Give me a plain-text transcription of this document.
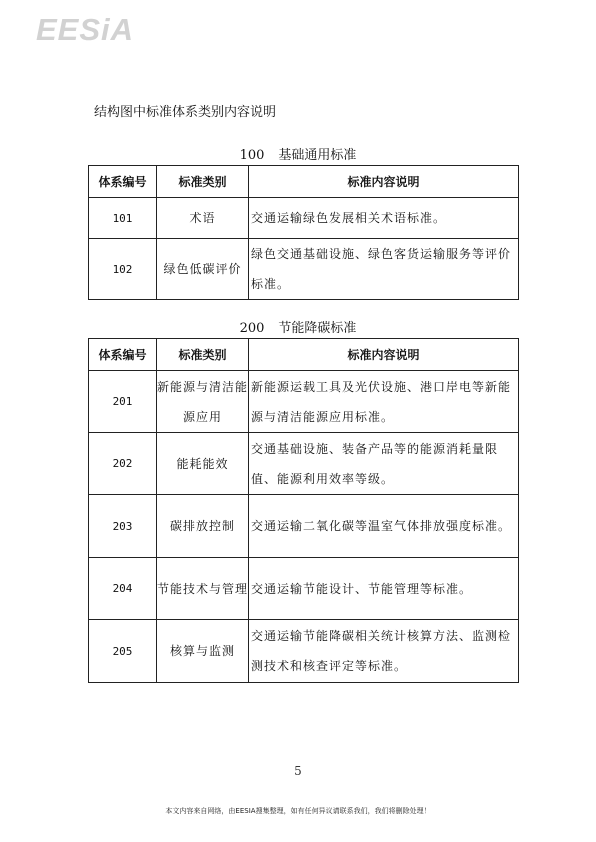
EESiA
结构图中标准体系类别内容说明
100 基础通用标准
体系编号	标准类别	标准内容说明
101	术语	交通运输绿色发展相关术语标准。
102	绿色低碳评价	绿色交通基础设施、绿色客货运输服务等评价标准。
200 节能降碳标准
体系编号	标准类别	标准内容说明
201	新能源与清洁能源应用	新能源运载工具及光伏设施、港口岸电等新能源与清洁能源应用标准。
202	能耗能效	交通基础设施、装备产品等的能源消耗量限值、能源利用效率等级。
203	碳排放控制	交通运输二氧化碳等温室气体排放强度标准。
204	节能技术与管理	交通运输节能设计、节能管理等标准。
205	核算与监测	交通运输节能降碳相关统计核算方法、监测检测技术和核查评定等标准。
5
本文内容来自网络，由EESIA搜集整理，如有任何异议请联系我们，我们将删除处理！
